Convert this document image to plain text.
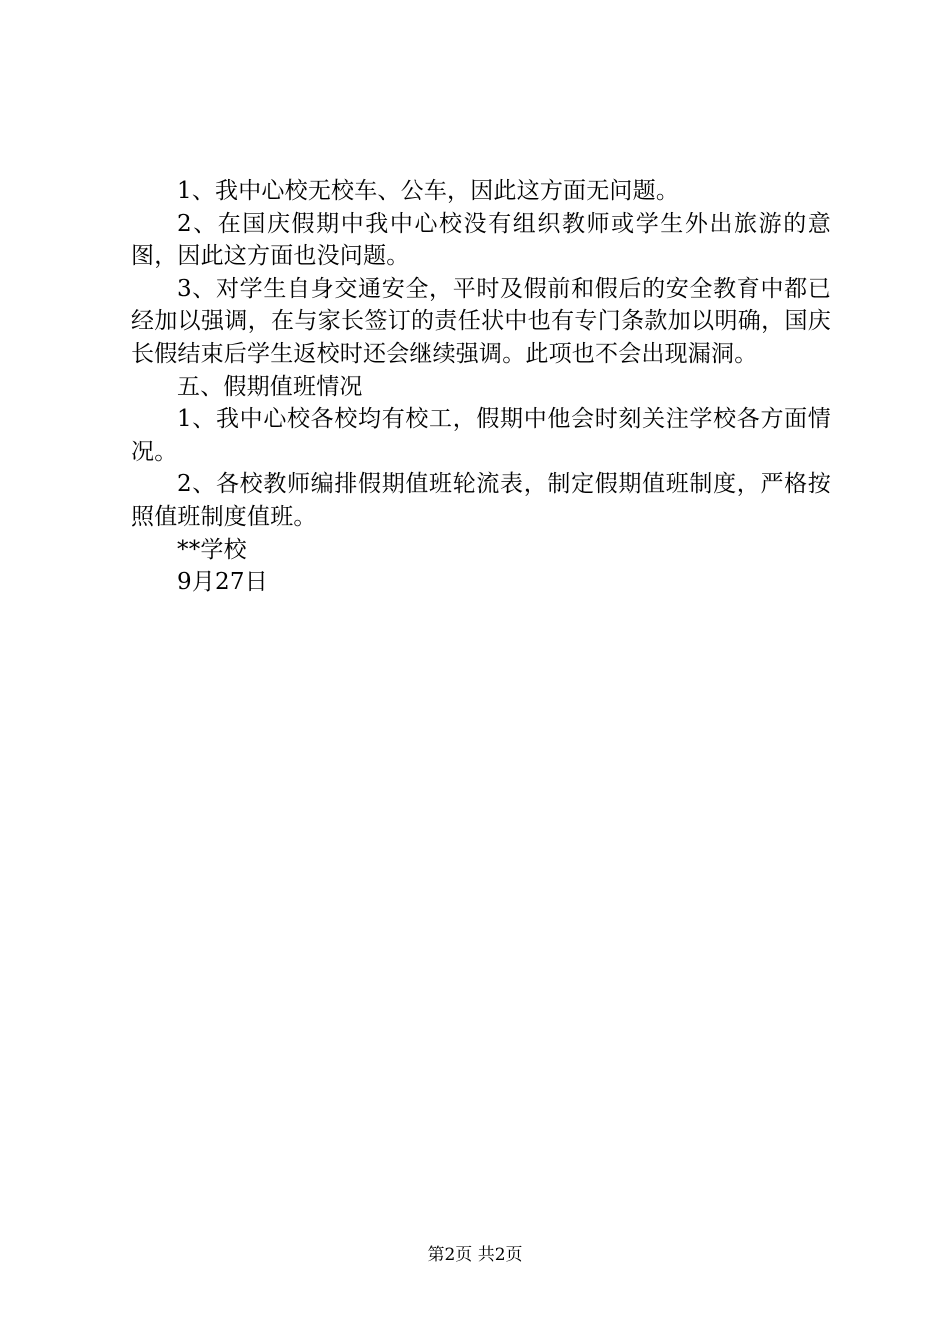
1、我中心校无校车、公车，因此这方面无问题。

2、在国庆假期中我中心校没有组织教师或学生外出旅游的意图，因此这方面也没问题。

3、对学生自身交通安全，平时及假前和假后的安全教育中都已经加以强调，在与家长签订的责任状中也有专门条款加以明确，国庆长假结束后学生返校时还会继续强调。此项也不会出现漏洞。

五、假期值班情况

1、我中心校各校均有校工，假期中他会时刻关注学校各方面情况。

2、各校教师编排假期值班轮流表，制定假期值班制度，严格按照值班制度值班。

**学校

9月27日

第2页 共2页
